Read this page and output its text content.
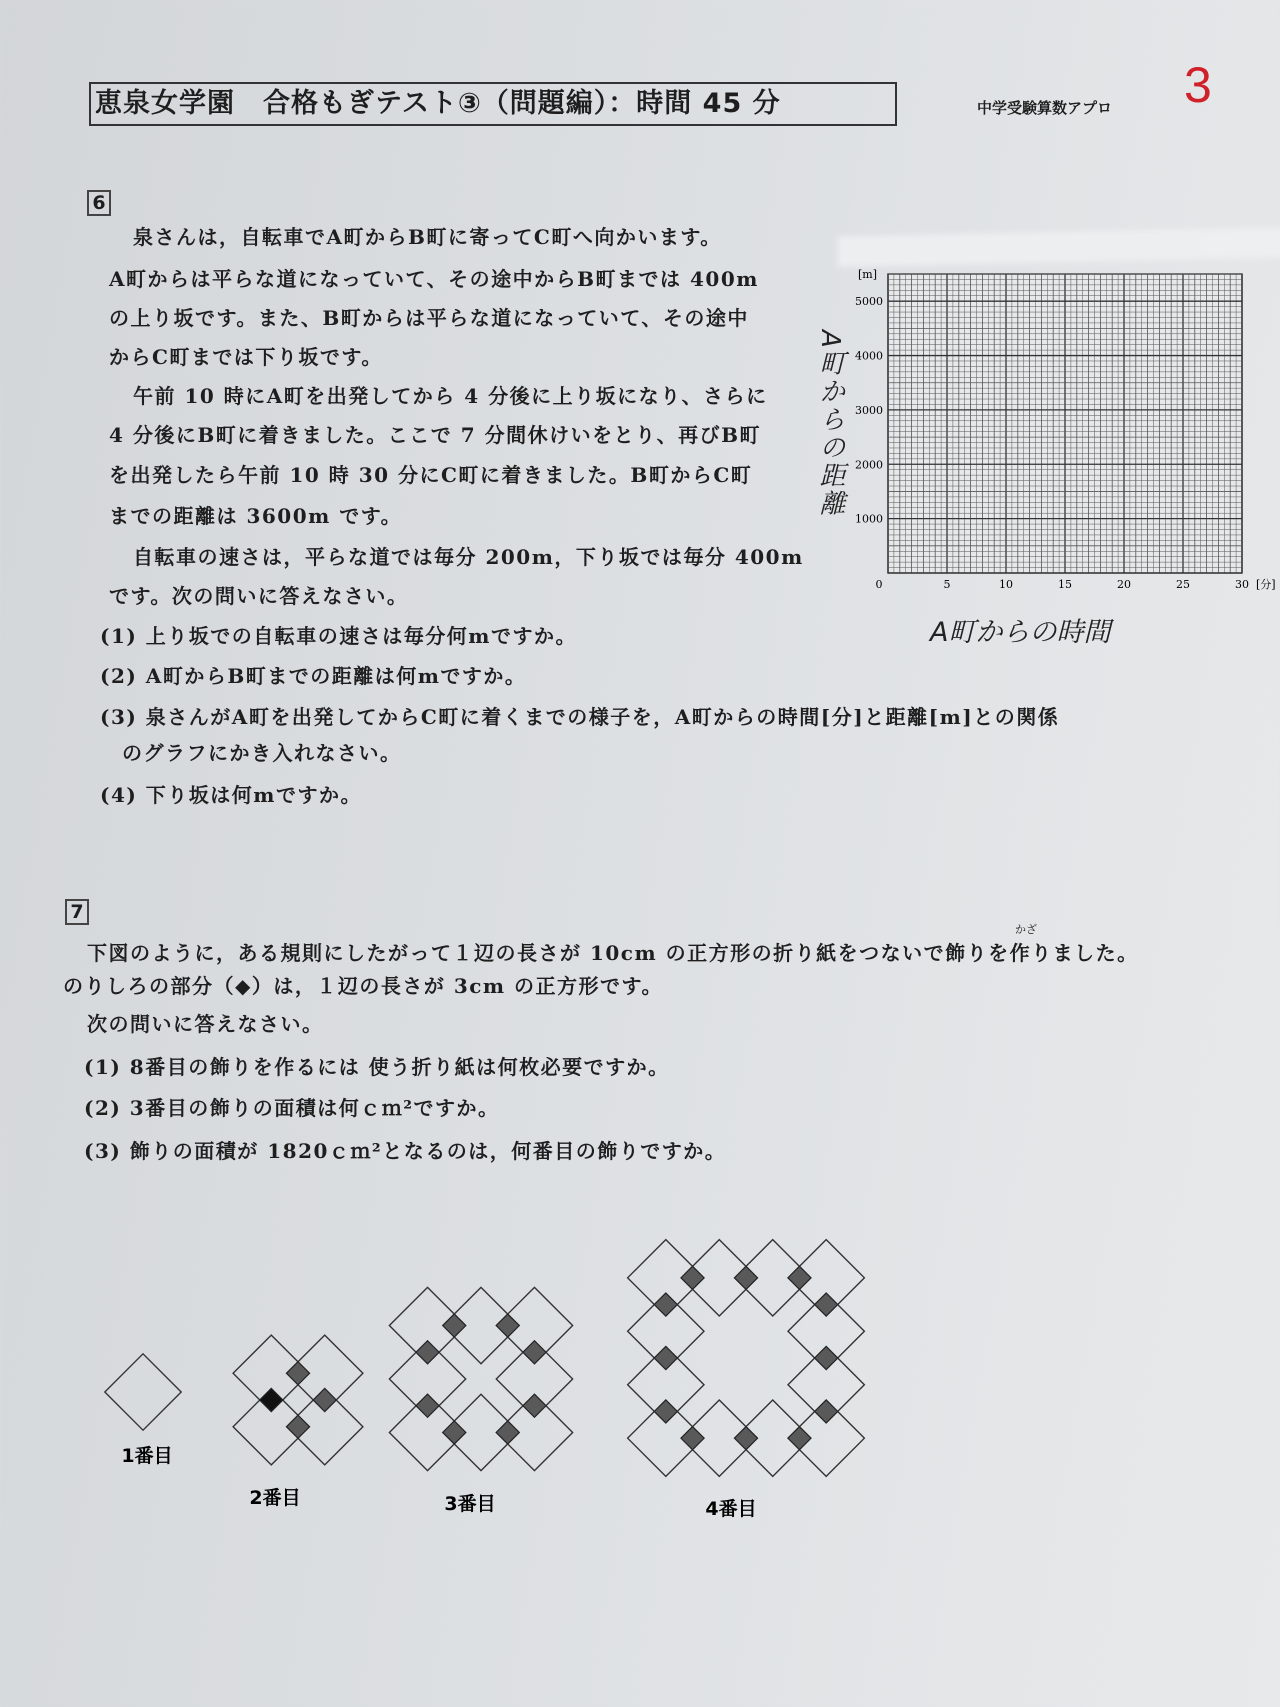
恵泉女学園　合格もぎテスト③（問題編）：時間 45 分	中学受験算数アプロ 3
6
泉さんは，自転車でA町からB町に寄ってC町へ向かいます。
A町からは平らな道になっていて、その途中からB町までは 400m
の上り坂です。また、B町からは平らな道になっていて、その途中
からC町までは下り坂です。
午前 10 時にA町を出発してから 4 分後に上り坂になり、さらに
4 分後にB町に着きました。ここで 7 分間休けいをとり、再びB町
を出発したら午前 10 時 30 分にC町に着きました。B町からC町
までの距離は 3600m です。
自転車の速さは，平らな道では毎分 200m，下り坂では毎分 400m
です。次の問いに答えなさい。
(1) 上り坂での自転車の速さは毎分何mですか。
(2) A町からB町までの距離は何mですか。
(3) 泉さんがA町を出発してからC町に着くまでの様子を，A町からの時間[分]と距離[m]との関係
のグラフにかき入れなさい。
(4) 下り坂は何mですか。
1000
2000
3000
4000
5000
0	5	10	15	20	25	30
[m]
[分]
A町からの距離
A町からの時間
7
かざ
下図のように，ある規則にしたがって１辺の長さが 10cm の正方形の折り紙をつないで飾りを作りました。
のりしろの部分（◆）は，１辺の長さが 3cm の正方形です。
次の問いに答えなさい。
(1) 8番目の飾りを作るには 使う折り紙は何枚必要ですか。
(2) 3番目の飾りの面積は何ｃｍ²ですか。
(3) 飾りの面積が 1820ｃｍ²となるのは，何番目の飾りですか。
1番目
2番目	3番目	4番目
